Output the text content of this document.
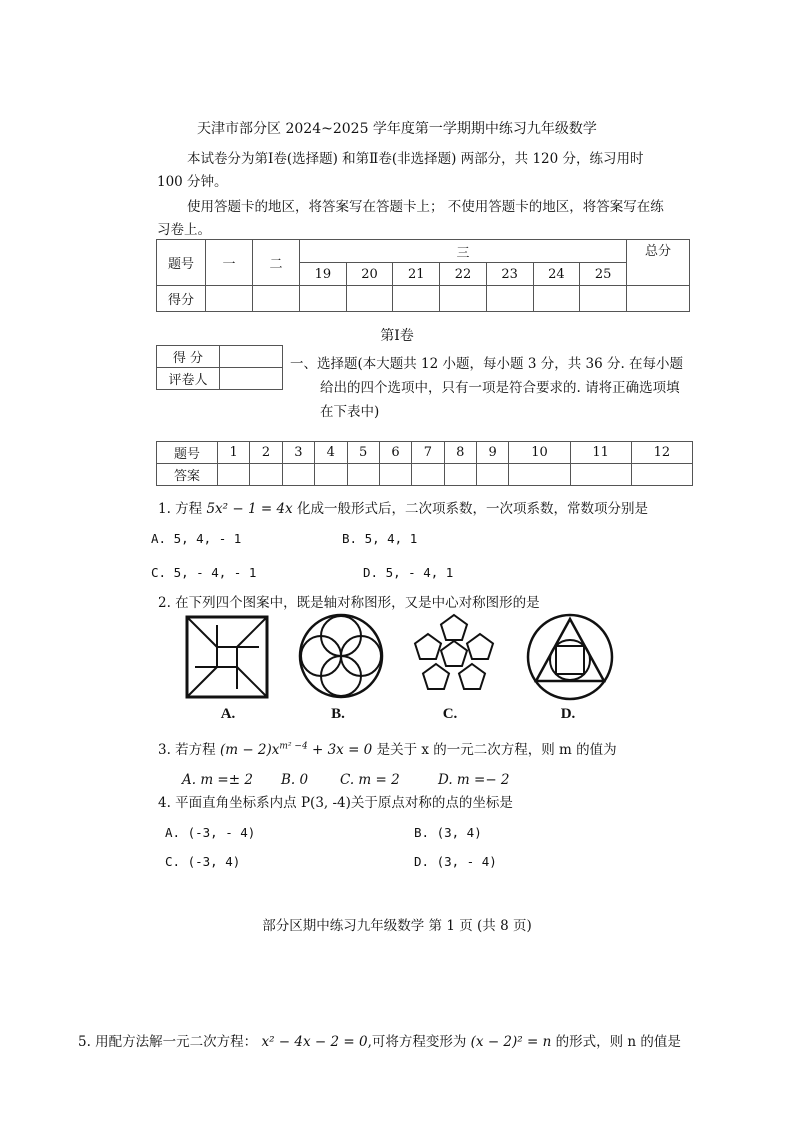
天津市部分区 2024~2025 学年度第一学期期中练习九年级数学
本试卷分为第Ⅰ卷(选择题) 和第Ⅱ卷(非选择题) 两部分，共 120 分，练习用时
100 分钟。
使用答题卡的地区，将答案写在答题卡上； 不使用答题卡的地区，将答案写在练
习卷上。
题号	一	二	三							总分
			19	20	21	22	23	24	25	
得分										
第Ⅰ卷
得 分	
评卷人	
一、选择题(本大题共 12 小题，每小题 3 分，共 36 分. 在每小题
给出的四个选项中，只有一项是符合要求的. 请将正确选项填
在下表中)
题号	1	2	3	4	5	6	7	8	9	10	11	12
答案												
1. 方程 5x² − 1 = 4x 化成一般形式后，二次项系数，一次项系数，常数项分别是
A. 5, 4, - 1	B. 5, 4, 1
C. 5, - 4, - 1	D. 5, - 4, 1
2. 在下列四个图案中，既是轴对称图形，又是中心对称图形的是
A.	B.	C.	D.
3. 若方程 $(m - 2)x^{m^2 -4} + 3x = 0$ 是关于 x 的一元二次方程，则 m 的值为
A. m =± 2 B. 0 C. m = 2	D. m =− 2
4. 平面直角坐标系内点 P(3, -4)关于原点对称的点的坐标是
A. (-3, - 4)	B. (3, 4)
C. (-3, 4)	D. (3, - 4)
部分区期中练习九年级数学 第 1 页 (共 8 页)
5. 用配方法解一元二次方程： x² − 4x − 2 = 0,可将方程变形为 (x − 2)² = n 的形式，则 n 的值是
